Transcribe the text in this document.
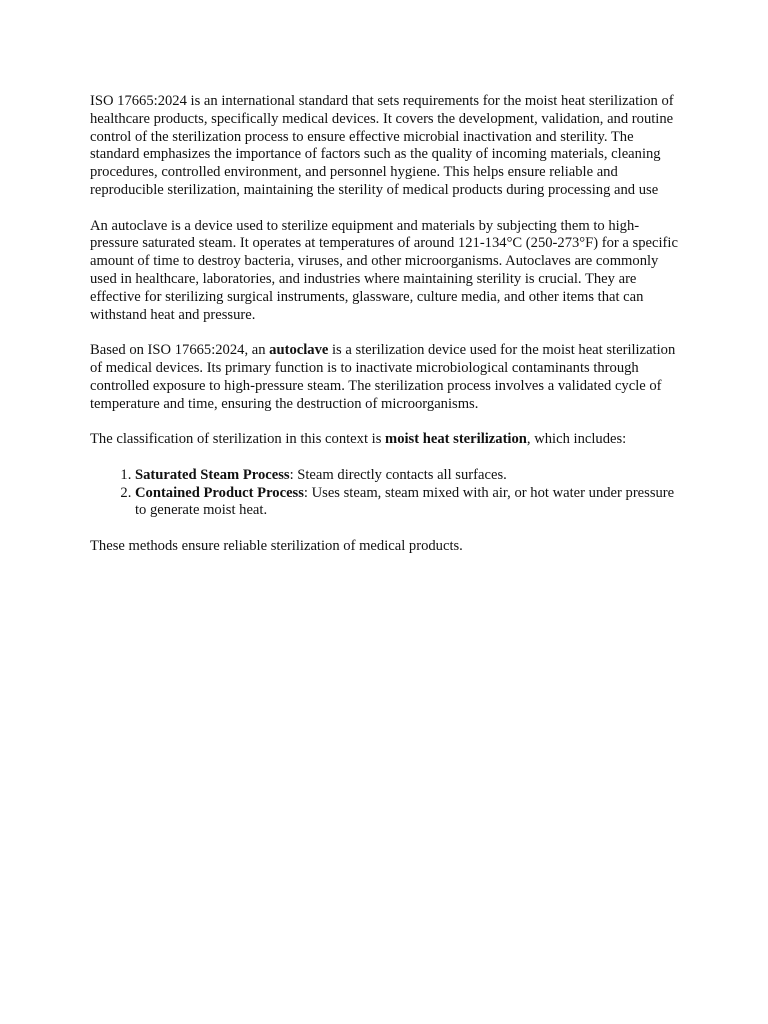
ISO 17665:2024 is an international standard that sets requirements for the moist heat sterilization of healthcare products, specifically medical devices. It covers the development, validation, and routine control of the sterilization process to ensure effective microbial inactivation and sterility. The standard emphasizes the importance of factors such as the quality of incoming materials, cleaning procedures, controlled environment, and personnel hygiene. This helps ensure reliable and reproducible sterilization, maintaining the sterility of medical products during processing and use

An autoclave is a device used to sterilize equipment and materials by subjecting them to high-pressure saturated steam. It operates at temperatures of around 121-134°C (250-273°F) for a specific amount of time to destroy bacteria, viruses, and other microorganisms. Autoclaves are commonly used in healthcare, laboratories, and industries where maintaining sterility is crucial. They are effective for sterilizing surgical instruments, glassware, culture media, and other items that can withstand heat and pressure.

Based on ISO 17665:2024, an autoclave is a sterilization device used for the moist heat sterilization of medical devices. Its primary function is to inactivate microbiological contaminants through controlled exposure to high-pressure steam. The sterilization process involves a validated cycle of temperature and time, ensuring the destruction of microorganisms.

The classification of sterilization in this context is moist heat sterilization, which includes:

1. Saturated Steam Process: Steam directly contacts all surfaces.
2. Contained Product Process: Uses steam, steam mixed with air, or hot water under pressure to generate moist heat.

These methods ensure reliable sterilization of medical products.
